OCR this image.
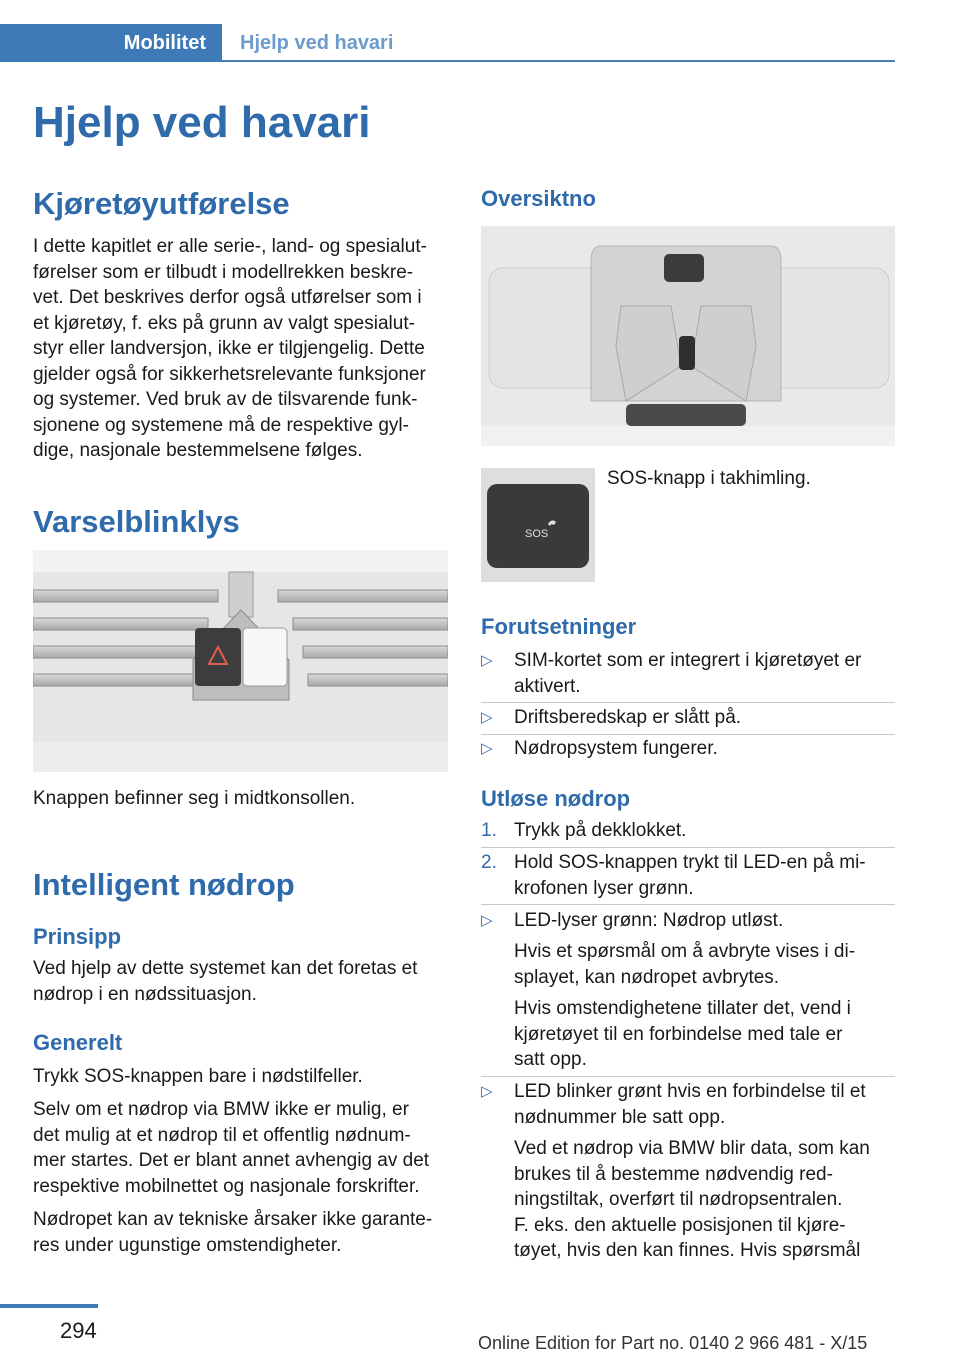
Mobilitet	Hjelp ved havari
Hjelp ved havari
Kjøretøyutførelse
I dette kapitlet er alle serie-, land- og spesialut-
førelser som er tilbudt i modellrekken beskre-
vet. Det beskrives derfor også utførelser som i
et kjøretøy, f. eks på grunn av valgt spesialut-
styr eller landversjon, ikke er tilgjengelig. Dette
gjelder også for sikkerhetsrelevante funksjoner
og systemer. Ved bruk av de tilsvarende funk-
sjonene og systemene må de respektive gyl-
dige, nasjonale bestemmelsene følges.
Varselblinklys
Knappen befinner seg i midtkonsollen.
Intelligent nødrop
Prinsipp
Ved hjelp av dette systemet kan det foretas et
nødrop i en nødssituasjon.
Generelt
Trykk SOS-knappen bare i nødstilfeller.
Selv om et nødrop via BMW ikke er mulig, er
det mulig at et nødrop til et offentlig nødnum-
mer startes. Det er blant annet avhengig av det
respektive mobilnettet og nasjonale forskrifter.
Nødropet kan av tekniske årsaker ikke garante-
res under ugunstige omstendigheter.
Oversiktno
SOS
SOS-knapp i takhimling.
Forutsetninger
▷ SIM-kortet som er integrert i kjøretøyet er
aktivert.
▷ Driftsberedskap er slått på.
▷ Nødropsystem fungerer.
Utløse nødrop
1. Trykk på dekklokket.
2. Hold SOS-knappen trykt til LED-en på mi-
krofonen lyser grønn.
▷ LED-lyser grønn: Nødrop utløst.
Hvis et spørsmål om å avbryte vises i di-
splayet, kan nødropet avbrytes.
Hvis omstendighetene tillater det, vend i
kjøretøyet til en forbindelse med tale er
satt opp.
▷ LED blinker grønt hvis en forbindelse til et
nødnummer ble satt opp.
Ved et nødrop via BMW blir data, som kan
brukes til å bestemme nødvendig red-
ningstiltak, overført til nødropsentralen.
F. eks. den aktuelle posisjonen til kjøre-
tøyet, hvis den kan finnes. Hvis spørsmål
294	Online Edition for Part no. 0140 2 966 481 - X/15
